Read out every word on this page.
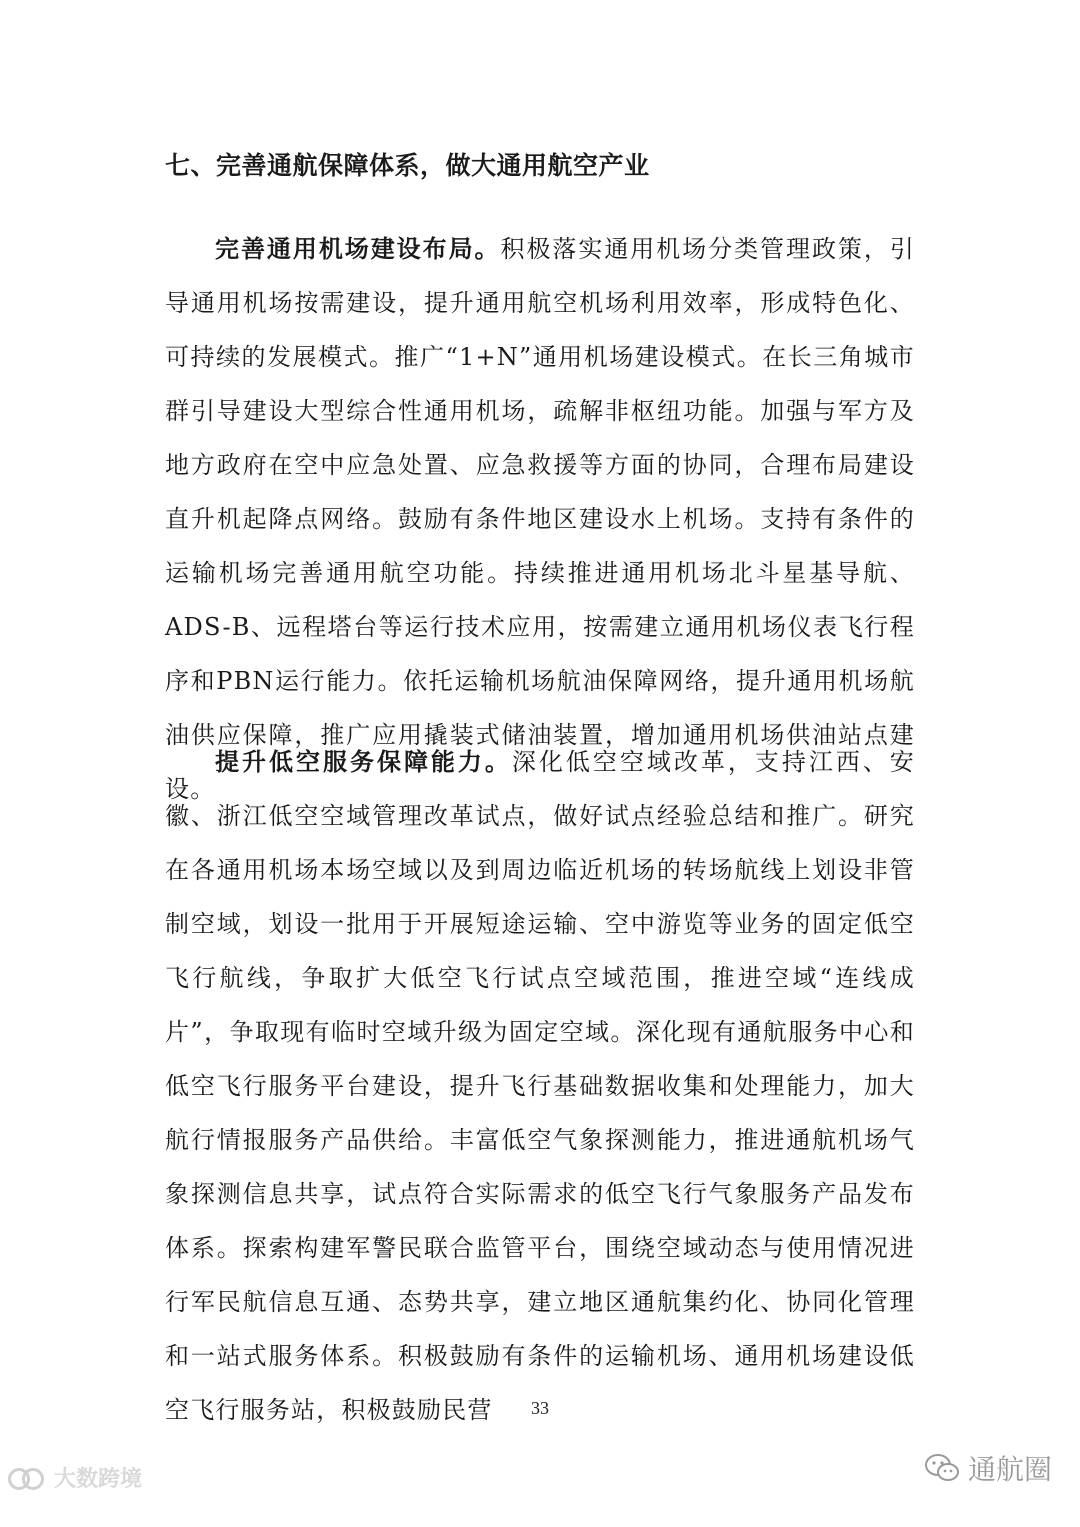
七、完善通航保障体系，做大通用航空产业

完善通用机场建设布局。积极落实通用机场分类管理政策，引导通用机场按需建设，提升通用航空机场利用效率，形成特色化、可持续的发展模式。推广“1+N”通用机场建设模式。在长三角城市群引导建设大型综合性通用机场，疏解非枢纽功能。加强与军方及地方政府在空中应急处置、应急救援等方面的协同，合理布局建设直升机起降点网络。鼓励有条件地区建设水上机场。支持有条件的运输机场完善通用航空功能。持续推进通用机场北斗星基导航、ADS-B、远程塔台等运行技术应用，按需建立通用机场仪表飞行程序和PBN运行能力。依托运输机场航油保障网络，提升通用机场航油供应保障，推广应用撬装式储油装置，增加通用机场供油站点建设。

提升低空服务保障能力。深化低空空域改革，支持江西、安徽、浙江低空空域管理改革试点，做好试点经验总结和推广。研究在各通用机场本场空域以及到周边临近机场的转场航线上划设非管制空域，划设一批用于开展短途运输、空中游览等业务的固定低空飞行航线，争取扩大低空飞行试点空域范围，推进空域“连线成片”，争取现有临时空域升级为固定空域。深化现有通航服务中心和低空飞行服务平台建设，提升飞行基础数据收集和处理能力，加大航行情报服务产品供给。丰富低空气象探测能力，推进通航机场气象探测信息共享，试点符合实际需求的低空飞行气象服务产品发布体系。探索构建军警民联合监管平台，围绕空域动态与使用情况进行军民航信息互通、态势共享，建立地区通航集约化、协同化管理和一站式服务体系。积极鼓励有条件的运输机场、通用机场建设低空飞行服务站，积极鼓励民营	33
大数跨境	通航圈
